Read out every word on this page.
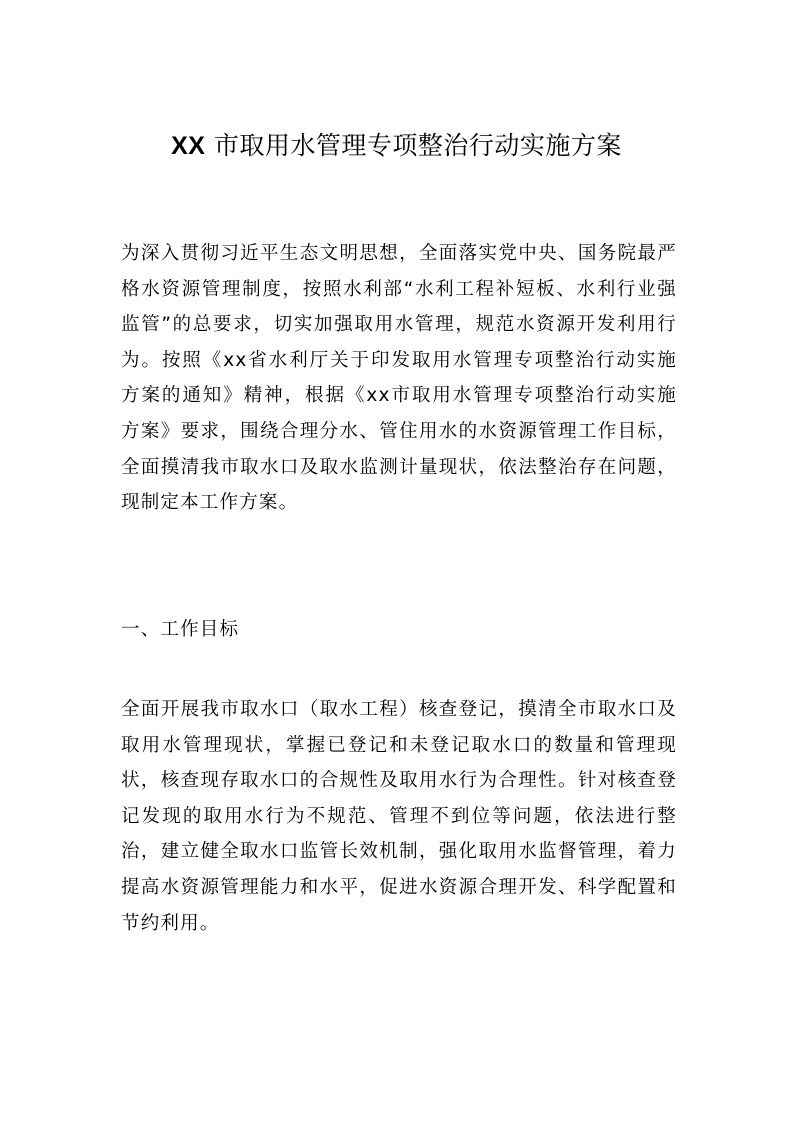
XX 市取用水管理专项整治行动实施方案

为深入贯彻习近平生态文明思想，全面落实党中央、国务院最严格水资源管理制度，按照水利部“水利工程补短板、水利行业强监管”的总要求，切实加强取用水管理，规范水资源开发利用行为。按照《xx省水利厅关于印发取用水管理专项整治行动实施方案的通知》精神，根据《xx市取用水管理专项整治行动实施方案》要求，围绕合理分水、管住用水的水资源管理工作目标，全面摸清我市取水口及取水监测计量现状，依法整治存在问题，现制定本工作方案。

一、工作目标

全面开展我市取水口（取水工程）核查登记，摸清全市取水口及取用水管理现状，掌握已登记和未登记取水口的数量和管理现状，核查现存取水口的合规性及取用水行为合理性。针对核查登记发现的取用水行为不规范、管理不到位等问题，依法进行整治，建立健全取水口监管长效机制，强化取用水监督管理，着力提高水资源管理能力和水平，促进水资源合理开发、科学配置和节约利用。
